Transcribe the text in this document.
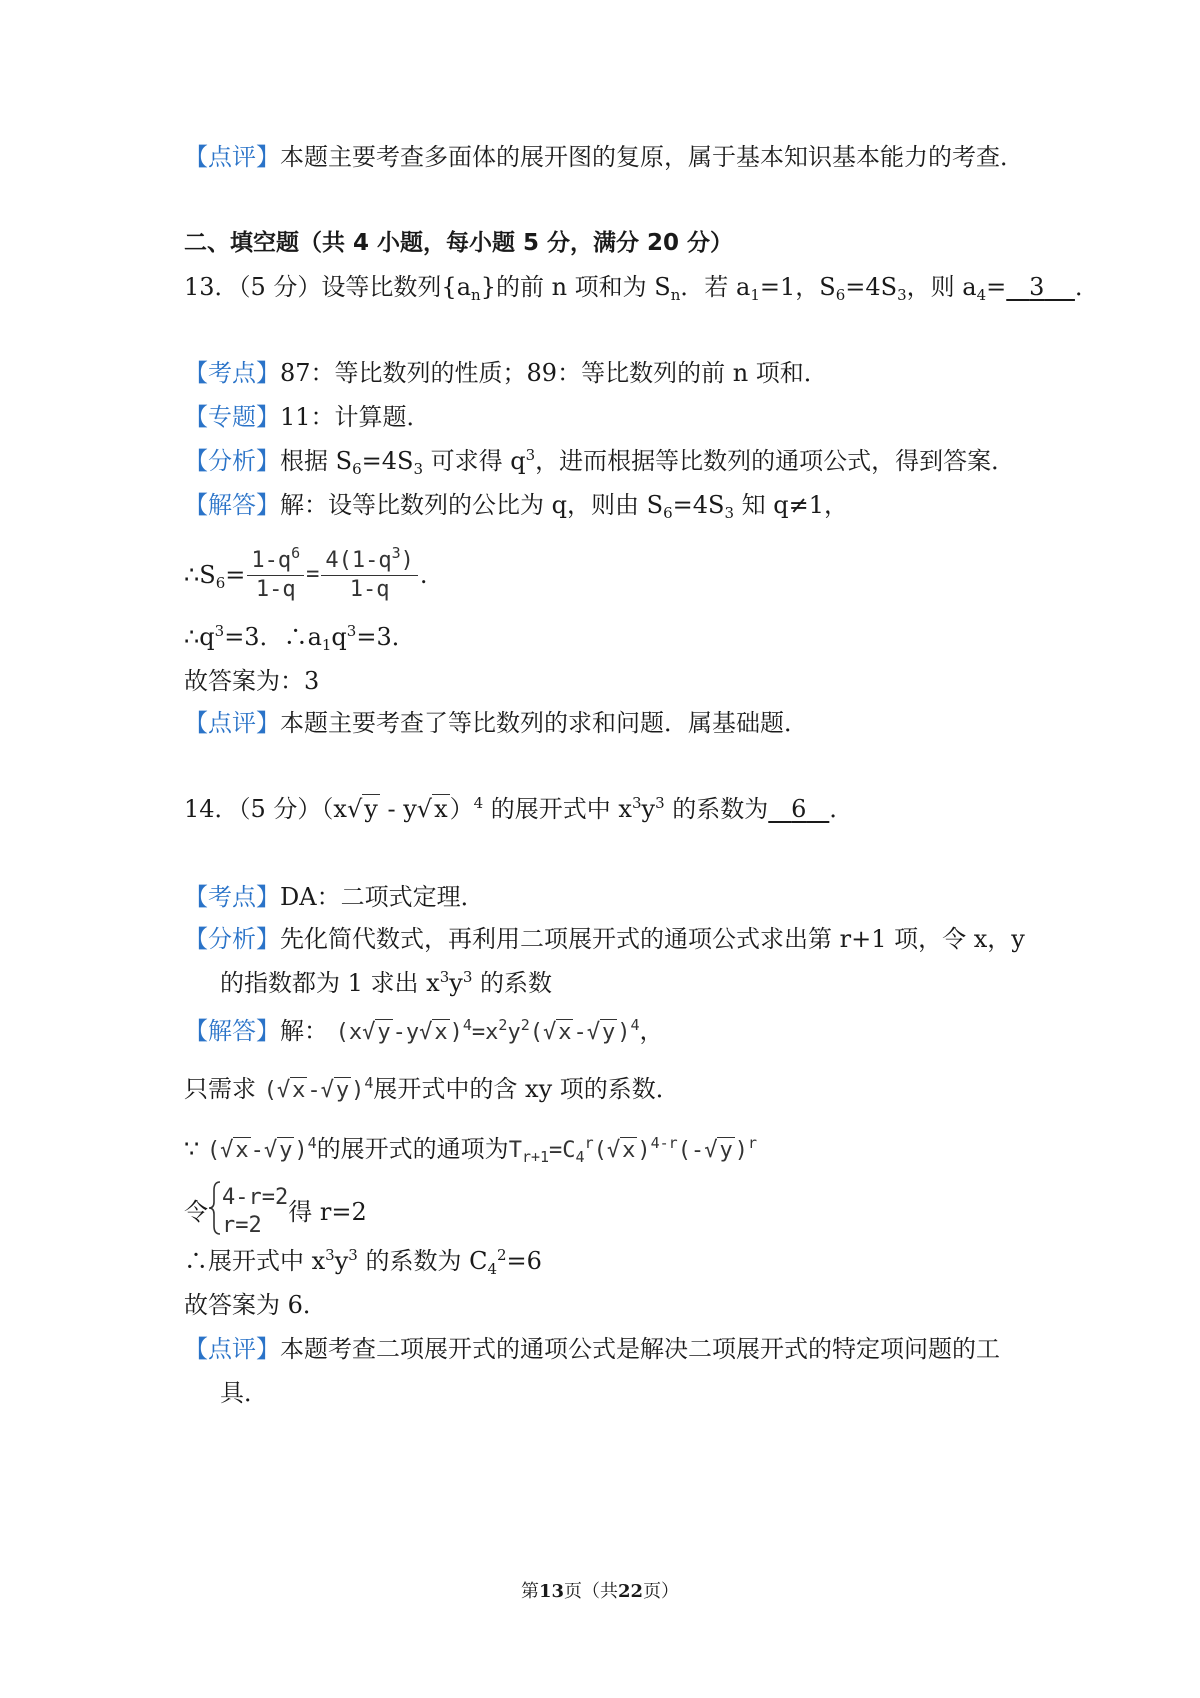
【点评】本题主要考查多面体的展开图的复原，属于基本知识基本能力的考查．
二、填空题（共 4 小题，每小题 5 分，满分 20 分）
13．（5 分）设等比数列$\{a_n\}$的前 n 项和为 $S_n$．若 $a_1=1$，$S_6=4S_3$，则 $a_4= 3$ ．
【考点】87：等比数列的性质；89：等比数列的前 n 项和．
【专题】11：计算题．
【分析】根据 $S_6=4S_3$ 可求得 $q^3$，进而根据等比数列的通项公式，得到答案．
【解答】解：设等比数列的公比为 q，则由 $S_6=4S_3$ 知 q≠1，
$\therefore S_6= \frac{1-q^6}{1-q} = \frac{4(1-q^3)}{1-q}$ .
$\therefore q^3=3$．$\therefore a_1q^3=3$．
故答案为：3
【点评】本题主要考查了等比数列的求和问题．属基础题．
14．（5 分）（x√y - y√x）$^4$ 的展开式中 $x^3y^3$ 的系数为 6 ．
【考点】DA：二项式定理．
【分析】先化简代数式，再利用二项展开式的通项公式求出第 r+1 项，令 x，y
的指数都为 1 求出 $x^3y^3$ 的系数
【解答】解： $(x√y-y√x)^4=x^2y^2(√x-√y)^4$，
只需求 $(√x-√y)^4$展开式中的含 xy 项的系数．
∵ $(√x-√y)^4$的展开式的通项为$T_{r+1}=C_4^r(√x)^{4-r}(-√y)^r$
令
4-r=2
r=2	得 r=2
∴展开式中 $x^3y^3$ 的系数为 $C_4^2=6$
故答案为 6．
【点评】本题考查二项展开式的通项公式是解决二项展开式的特定项问题的工
具．
第13页（共22页）
